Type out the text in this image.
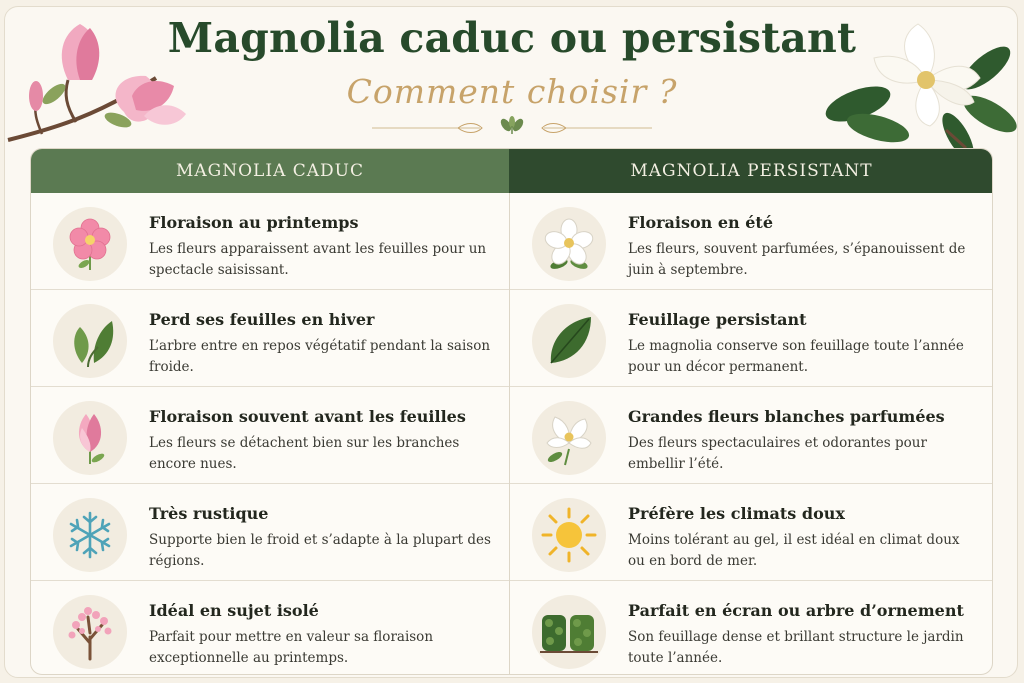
Magnolia caduc ou persistant
Comment choisir ?
MAGNOLIA CADUC	MAGNOLIA PERSISTANT
Floraison au printemps
Les fleurs apparaissent avant les feuilles pour un spectacle saisissant.
Perd ses feuilles en hiver
L’arbre entre en repos végétatif pendant la saison froide.
Floraison souvent avant les feuilles
Les fleurs se détachent bien sur les branches encore nues.
Très rustique
Supporte bien le froid et s’adapte à la plupart des régions.
Idéal en sujet isolé
Parfait pour mettre en valeur sa floraison exceptionnelle au printemps.
Floraison en été
Les fleurs, souvent parfumées, s’épanouissent de juin à septembre.
Feuillage persistant
Le magnolia conserve son feuillage toute l’année pour un décor permanent.
Grandes fleurs blanches parfumées
Des fleurs spectaculaires et odorantes pour embellir l’été.
Préfère les climats doux
Moins tolérant au gel, il est idéal en climat doux ou en bord de mer.
Parfait en écran ou arbre d’ornement
Son feuillage dense et brillant structure le jardin toute l’année.
